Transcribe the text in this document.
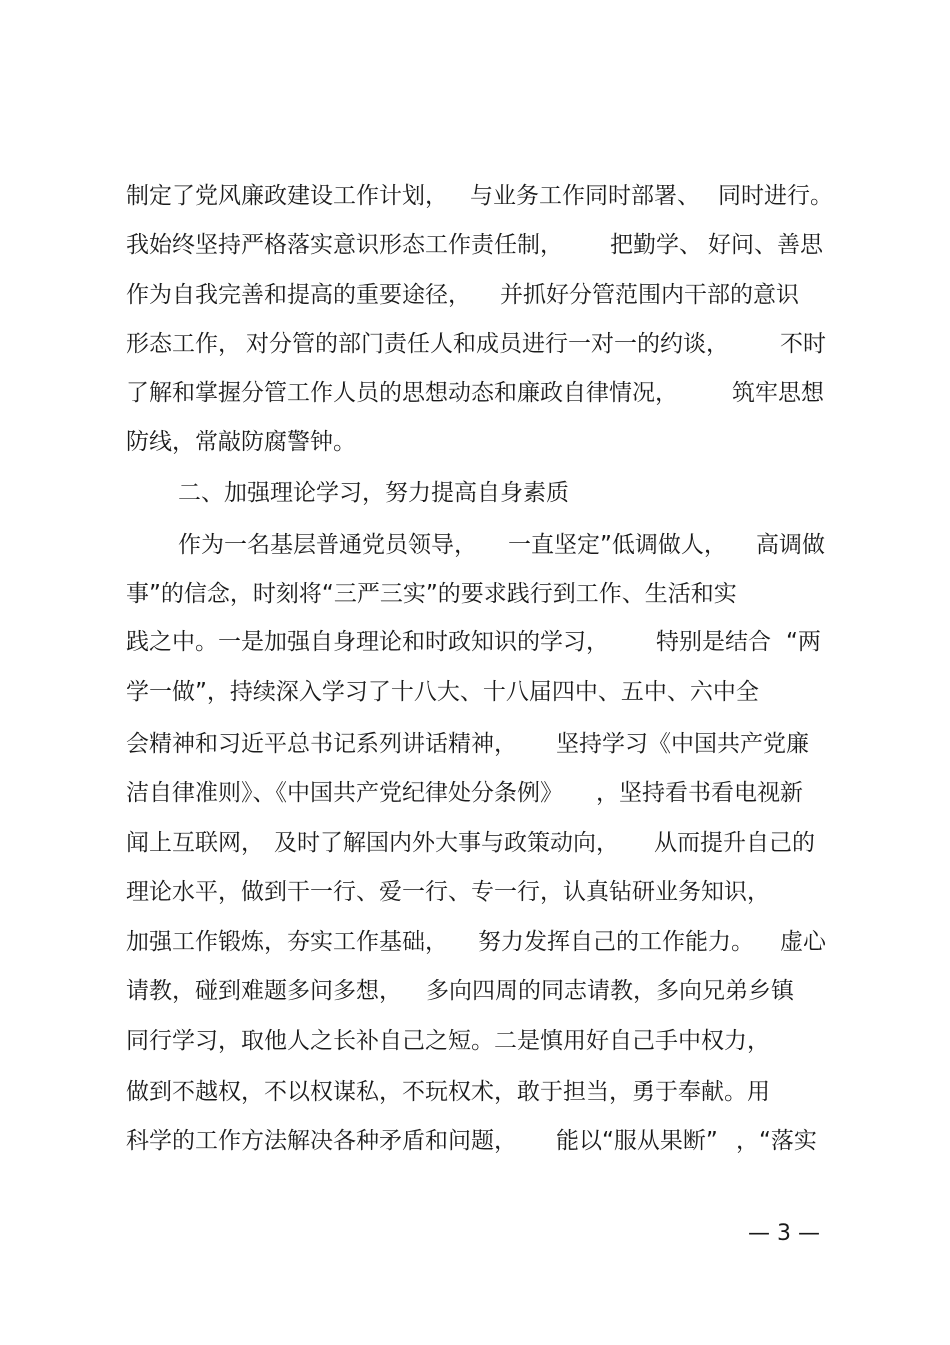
制定了党风廉政建设工作计划， 与业务工作同时部署、 同时进行。
我始终坚持严格落实意识形态工作责任制， 把勤学、 好问、善思
作为自我完善和提高的重要途径， 并抓好分管范围内干部的意识
形态工作， 对分管的部门责任人和成员进行一对一的约谈， 不时
了解和掌握分管工作人员的思想动态和廉政自律情况， 筑牢思想
防线，常敲防腐警钟。
二、加强理论学习，努力提高自身素质
作为一名基层普通党员领导， 一直坚定”低调做人， 高调做
事”的信念，时刻将“三严三实”的要求践行到工作、生活和实
践之中。一是加强自身理论和时政知识的学习， 特别是结合 “两
学一做”，持续深入学习了十八大、十八届四中、五中、六中全
会精神和习近平总书记系列讲话精神， 坚持学习《中国共产党廉
洁自律准则》、《中国共产党纪律处分条例》 ，坚持看书看电视新
闻上互联网， 及时了解国内外大事与政策动向， 从而提升自己的
理论水平，做到干一行、爱一行、专一行，认真钻研业务知识，
加强工作锻炼，夯实工作基础， 努力发挥自己的工作能力。 虚心
请教，碰到难题多问多想， 多向四周的同志请教，多向兄弟乡镇
同行学习，取他人之长补自己之短。二是慎用好自己手中权力，
做到不越权，不以权谋私，不玩权术，敢于担当，勇于奉献。用
科学的工作方法解决各种矛盾和问题， 能以“服从果断” ，“落实
— 3 —
